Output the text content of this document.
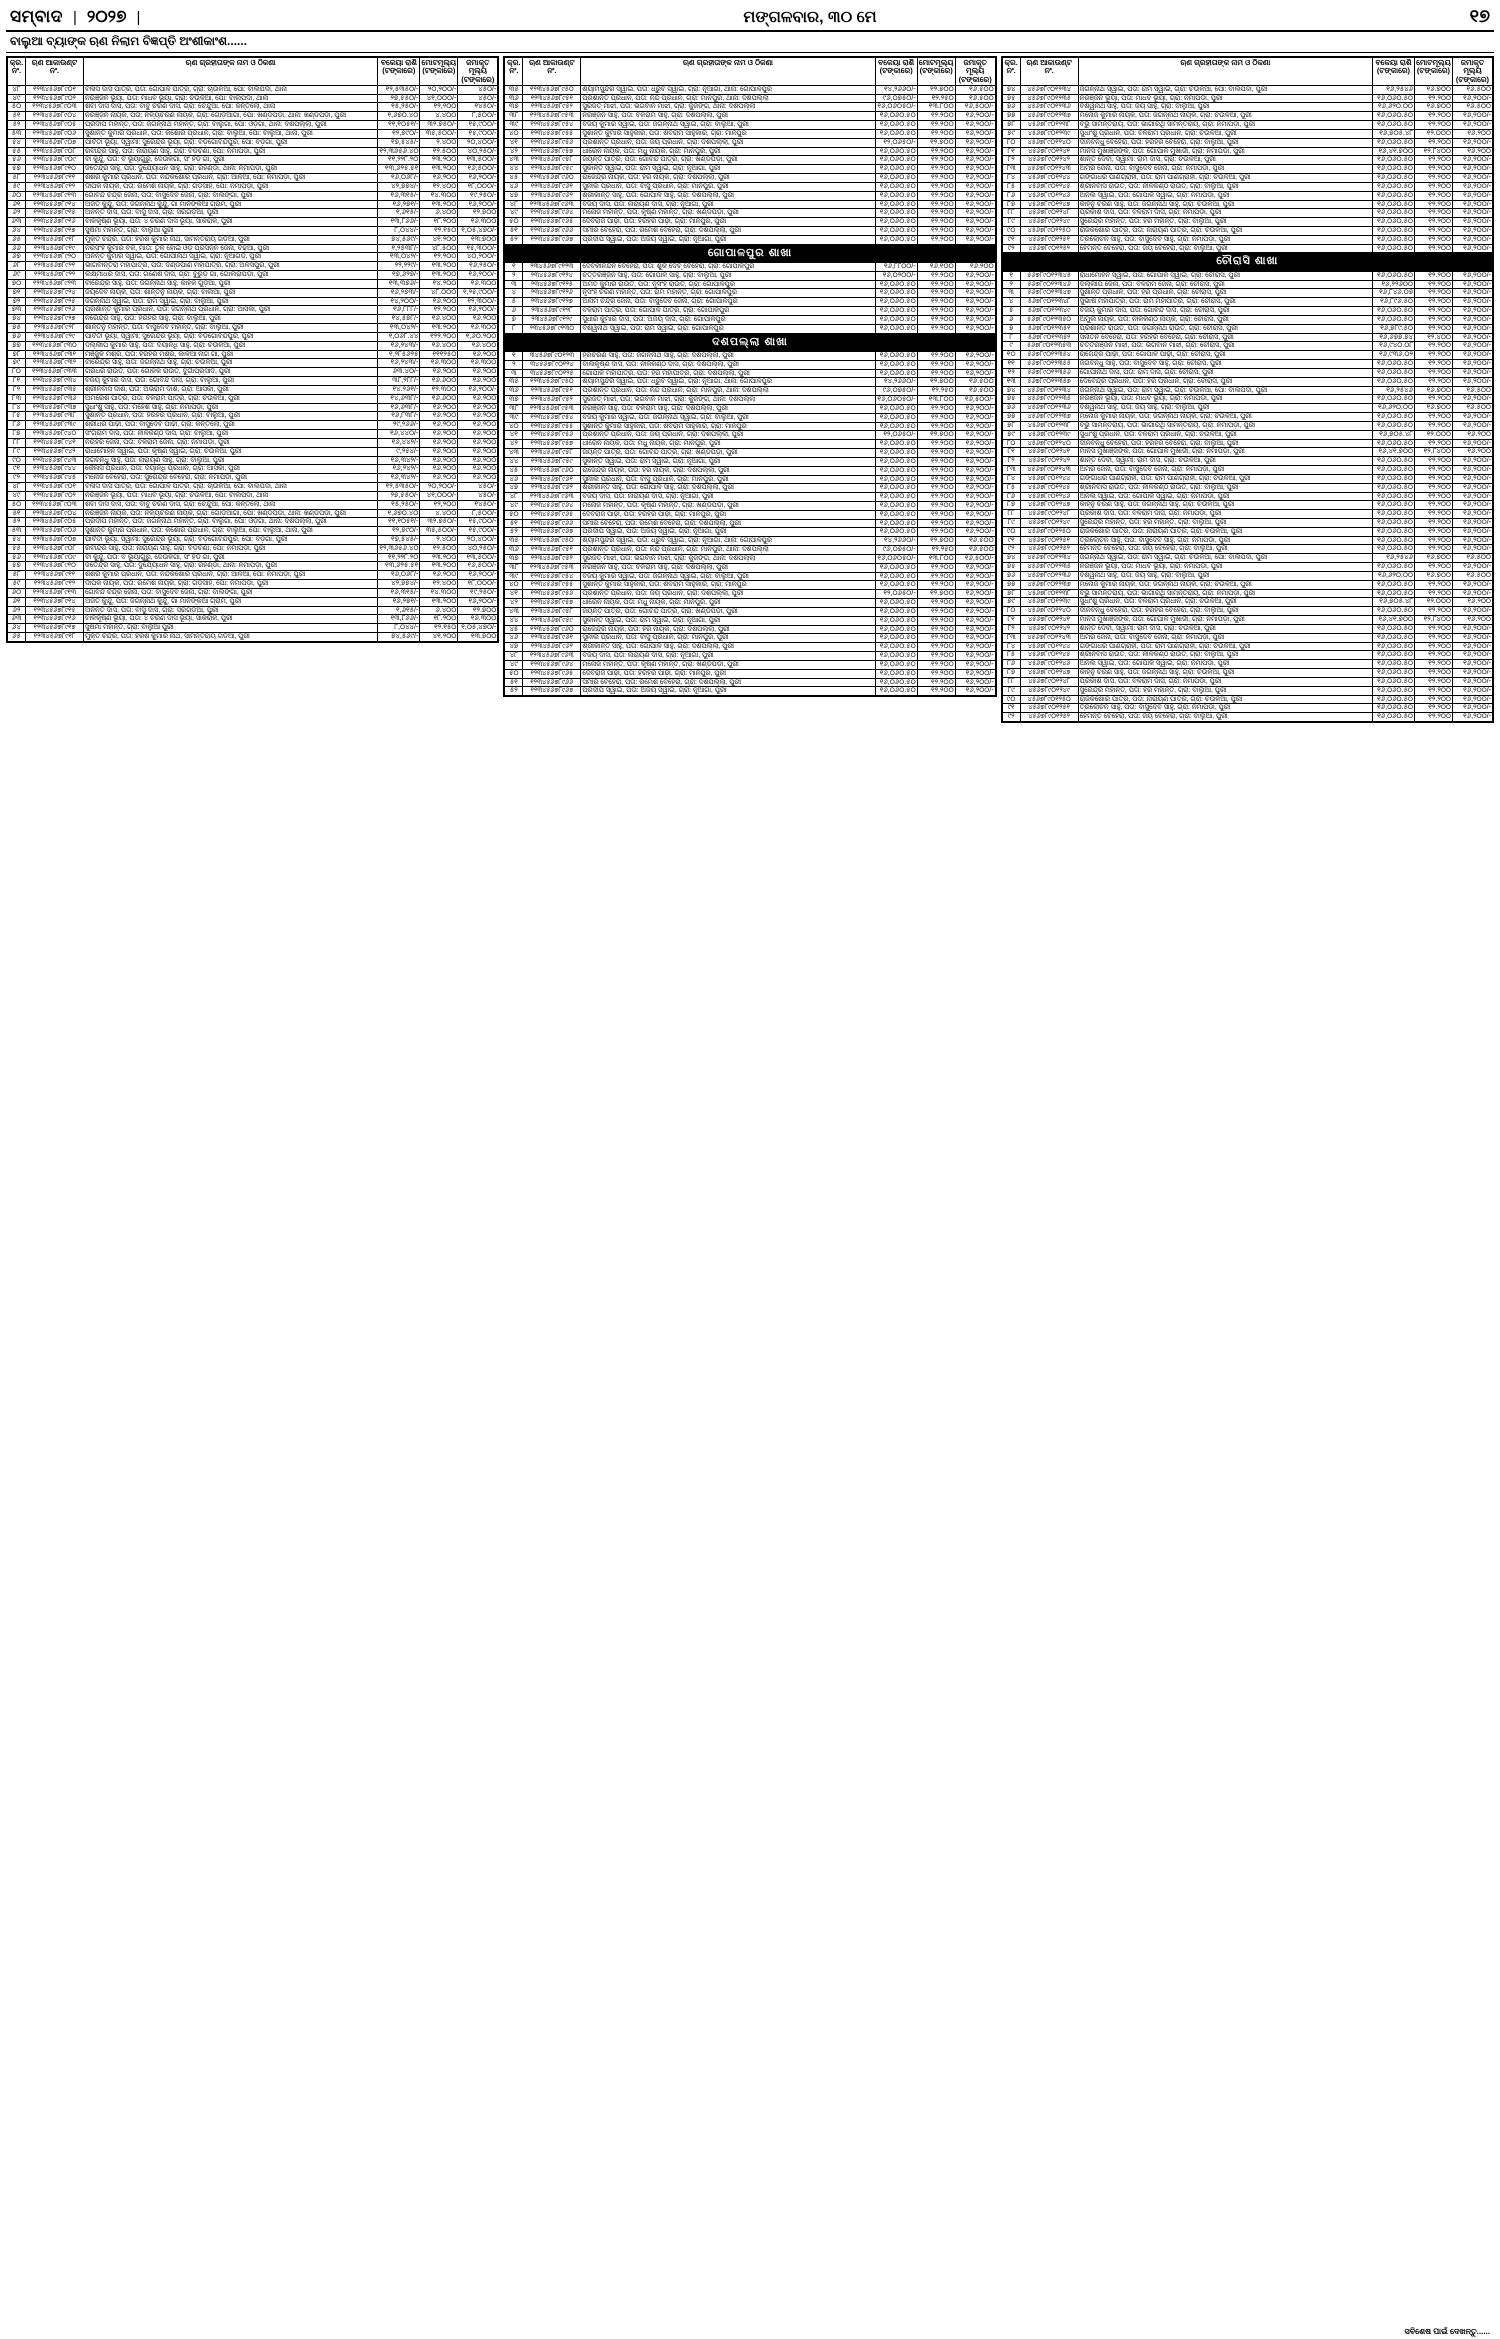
ସମ୍ବାଦ | ୨୦୨୭ |	ମଙ୍ଗଳବାର, ୩୦ ମେ	୧୭
ବାଲୁଆ ବ୍ୟାଙ୍କ ଋଣ ନିଲାମ ବିଜ୍ଞପ୍ତି ଅଂଶୀକାଂଶ......
କ୍ର. ନଂ.	ଋଣ ଆକାଉଣ୍ଟ ନଂ.	ଋଣ ଗ୍ରହୀତାଙ୍କ ନାମ ଓ ଠିକଣା	ବକେୟା ରାଶି (ଟଙ୍କାରେ)	ମୋଟମୂଲ୍ୟ (ଟଙ୍କାରେ)	ଜମାକୃତ ମୂଲ୍ୟ (ଟଙ୍କାରେ)
୪୮	୧୨୩୪୫୬୭୮୯୦୧	ବିଳାସ ଦାସ ପାତ୍ର, ପିତା: ଗୋପାଳ ପାତ୍ର, ଗ୍ରା: ଚାଉଳିଆ, ପୋ: ବାଲିପଦା, ଥାନା	୧୨,୫୩୫୦/-	୨୦,୨୦୦/-	୪୫୦/-
୪୯	୧୨୩୪୫୬୭୮୯୦୨	ନିରଞ୍ଜନ ଭୂୟାଁ, ପିତା: ମାଧବ ଭୂୟାଁ, ଗ୍ରା: ଚଉଳିଆ, ପୋ: ବାଲିପଦା, ଥାନା	୨୭,୫୫୦/-	୪୧,୦୦୦/-	୪୫୦/-
୫୦	୧୨୩୪୫୬୭୮୯୦୩	ଶିବାଁ ଦାସ ଦାସ, ପିତା: ବାବୁ ଚରଣ ଦାସ, ଗ୍ରା: ଚେନ୍ଦୁଆ, ପୋ: କନ୍ତିଲୋ, ଥାନା	୧୫,୨୫୦/-	୧୨,୨୦୦	୧୪୫୦/-
୫୧	୧୨୩୪୫୬୭୮୯୦୪	ନିରଞ୍ଜନ ନାୟକ, ପିତା: ନିଳ୍ୟଚରଣ ନାୟକ, ଗ୍ରା: ଗୋଡ଼ିଆଗାଁ, ପୋ: ଖଣ୍ଡପଡ଼ା, ଥାନା: ଖଣ୍ଡପଡ଼ା, ପୁରୀ	୧,୬୭୦.୪୦	୪.୪୦୦	୮,୫୦୦/-
୫୨	୧୨୩୪୫୬୭୮୯୦୫	ପ୍ରଦୀପ ମହାନ୍ତି, ପିତା: ଜଗନ୍ନାଥ ମହାନ୍ତି, ଗ୍ରା: ବାଲୁଗାଁ, ପୋ: ଓଡ଼ଗାଁ, ଥାନା: ଦଶପଲ୍ଲା, ପୁରୀ	୧୧,୧୦୫୧/-	୩୨.୭୫୦/-	୧୫,୯୦୦/-
୫୩	୧୨୩୪୫୬୭୮୯୦୬	ସୁଶାନ୍ତ କୁମାର ପ୍ରଧାନ, ପିତା: କିଶୋର ପ୍ରଧାନ, ଗ୍ରା: ବାଲୁଆ, ପୋ: ବାଲୁଆ, ଥାନା, ପୁରୀ	୧୨,୭୯୦/-	୩୫,୫୦୦/-	୧୫,୯୦୦/-
୫୪	୧୨୩୪୫୬୭୮୯୦୭	ପାର୍ବତୀ ଭୂୟାଁ, ସ୍ୱାମୀ: ସୁରେନ୍ଦ୍ର ଭୂୟାଁ, ଗ୍ରା: ବଡ଼ଗୋବିନ୍ଦପୁର, ପୋ: ବଡ଼ଗାଁ, ପୁରୀ	୧୭,୫୪୫/-	୨.୪୦୦	୨୦,୪୦୦/-
୫୫	୧୨୩୪୫୬୭୮୯୦୮	ରବୀନ୍ଦ୍ର ସାହୁ, ପିତା: ନାରାୟଣ ସାହୁ, ଗ୍ରା: ବଡ଼ଚଣା, ପୋ: ନିମାପଡ଼ା, ପୁରୀ	୧୨,୩୬୫୬.୪୦	୧୨.୫୦୦	୪୦,୨୫୦/-
୫୬	୧୨୩୪୫୬୭୮୯୦୯	ବୀ କୁନ୍ଦୁ, ପିତା: ବ ଭୂୟାଁଗୁରୁ, ଦେଉଳଗାଁ, ସିଂ ହିଡ଼ ଗାଁ, ପୁରୀ	୧୧,୨୨୮.୨୦	୨୩.୨୦୦	୧୩,୫୦୦/-
୫୭	୧୨୩୪୫୬୭୮୯୧୦	ଜିତେନ୍ଦ୍ର ସାହୁ, ପିତା: ଦୁର୍ଯ୍ୟୋଧନ ସାହୁ, ଗ୍ରା: ରହଣ୍ଡା, ଥାନା: ନିମାପଡ଼ା, ପୁରୀ	୧୩,୬୨୫.୫୧	୧୩.୨୦୦	୧୬,୫୦୦/-
୫୮	୧୨୩୪୫୬୭୮୯୧୧	ଶିଶିର କୁମାର ପ୍ରଧାନ, ପିତା: ନନ୍ଦକିଶୋର ପ୍ରଧାନ, ଗ୍ରା: ଆଳିଆ, ପୋ: ନିମାପଡ଼ା, ପୁରୀ	୧୬,୦୬୮/-	୧୬.୨୦୦	୧୬,୨୦୦/-
୫୯	୧୨୩୪୫୬୭୮୯୧୨	ଦୀପକ ନାୟକ, ପିତା: ରମେଶ ନାୟକ, ଗ୍ରା: ଗଡ଼ସାହି, ପୋ: ନିମାପଡ଼ା, ପୁରୀ	୪୨,୭୭୪/-	୧୨.୪୦୦	୧୮,୦୦୦/-
୬୦	୧୨୩୪୫୬୭୮୯୧୩	ଗୋବିନ୍ଦ ଚନ୍ଦ୍ର ଜେନା, ପିତା: ବାସୁଦେବ ଜେନା, ଗ୍ରା: ବାଲଙ୍ଗା, ପୁରୀ	୧୬,୩୧୫/-	୧୪.୩୦୦	୧୯,୨୫୦/-
୬୧	୧୨୩୪୫୬୭୮୯୧୪	ଅଜିତ କୁନ୍ଦୁ, ପିତା: ଜଗନ୍ନାଥ କୁନ୍ଦୁ, ଗାଁ ମାନଙ୍କିଆ ଗ୍ରାମ, ପୁରୀ	୧୬,୨୭୧/-	୧୩.୨୦୦	୧୬,୨୦୦/-
୬୨	୧୨୩୪୫୬୭୮୯୧୫	ଅନନ୍ତ ଦାସ, ପିତା: ବାସୁ ଦାସ, ଗ୍ରା: ସରଗଡ଼ିଆ, ପୁରୀ	୧,୬୧୫/-	୬.୪୦୦	୧୨.୭୦୦
୬୩	୧୨୩୪୫୬୭୮୯୧୬	ବାଳକୃଷ୍ଣ ଭୂୟାଁ, ପିତା: ୪ ଚରଣ ଦାସ ଭୂୟାଁ, ସାକରାଳ, ପୁରୀ	୧୩,୮୬୬/-	୧୮.୨୦୦	୧୬.୩୦୦
୬୪	୧୨୩୪୫୬୭୮୯୧୭	ସୁଷମା ମହାନ୍ତି, ଗ୍ରା: ବାଲୁଆ ପୁରୀ	୮,୦୪୪/-	୧୨.୧୫୦	୧,୦୫,୪୭୦/-
୬୫	୧୨୩୪୫୬୭୮୯୧୮	ମୁକ୍ତ ଚନ୍ଦ୍ର, ପିତା: ହରିଶ କୁମାର ନାଥ, ସାମନ୍ତରାୟ ଗଡ଼ିଆ, ପୁରୀ	୭୪,୫୬୯/-	୪୧.୨୦୦	୧୩.୭୦୦
୬୬	୧୨୩୪୫୬୭୮୯୧୯	ନରସିଂହ କୁମାର ବଳ, ମାତା: ତୁଳ ହୋଇ ଓଡ଼ ପ୍ରସନ୍ନ ଜେନା, ବଢ଼ିଆ, ପୁରୀ	୧,୨୫୩୮/-	୪୮.୫୦୦	୧୫,୩୦୦/-
୬୭	୧୨୩୪୫୬୭୮୯୨୦	ଅନନ୍ତ କୁମାର ସ୍ୱାଇଁ, ପିତା: ଗୋପୀନାଥ ସ୍ୱାଇଁ, ଗ୍ରା: ନୂଆଗଡ଼, ପୁରୀ	୧୩,୦୪୨/-	୧୨.୨୦୦	୪୦,୨୦୦/-
୬୮	୧୨୩୪୫୬୭୮୯୨୧	ଭାଗବାନ୍ତରା ମହାପାତ୍ର, ପିତା: ଦଣ୍ଡପାଣି ମହାପାତ୍ର, ଗ୍ରା: ଅଳସପୁର, ପୁରୀ	୨୨,୨୨୯/-	୧୩.୨୦୦	୧୬,୨୫୦/-
୬୯	୧୨୩୪୫୬୭୮୯୨୨	ଲକ୍ଷ୍ମୀଧର ଦାସ, ପିତା: ଗଣେଶ ଦାସ, ଗ୍ରା: ବୁରୁଡ଼ି ଗାଁ, ଗୋଲରାପଡ଼ା, ପୁରୀ	୧୭,୬୨୭/-	୧୩.୨୦୦	୧୬,୨୦୦/-
୭୦	୧୨୩୪୫୬୭୮୯୨୩	ବୀରେନ୍ଦ୍ର ସାହୁ, ପିତା: ଜଗନ୍ନାଥ ସାହୁ, କାହିଁକି ଗୁଡ଼ିଆଁ, ପୁରୀ	୧୩,୩୭୬/-	୧୪.୨୦୦	୧୬.୩୦୦
୭୧	୧୨୩୪୫୬୭୮୯୨୪	ଜୟଦେବ ନାୟକ, ପିତା: ଶାନ୍ତନୁ ନାୟକ, ଗ୍ରା: ବାଲିଆ, ପୁରୀ	୧୬,୨୭୩/-	୪୮.୦୦୦	୧,୨୫,୯୦୦/-
୭୨	୧୨୩୪୫୬୭୮୯୨୫	ଜଗନ୍ନାଥ ସ୍ୱାଇଁ, ପିତା: ରାମ ସ୍ୱାଇଁ, ଗ୍ରା: ବାଲୁଆ, ପୁରୀ	୧୪,୨୦୦/-	୧୬.୨୦୦	୧୨,୩୦୦/-
୭୩	୧୨୩୪୫୬୭୮୯୨୬	ପ୍ରଶାନ୍ତ କୁମାର ପ୍ରଧାନ, ପିତା: ଜଗନ୍ନାଥ ପ୍ରଧାନ, ଗ୍ରା: ଆସିକା, ପୁରୀ	୧୬,୮୮୮/-	୧୨.୨୦୦	୧୬,୨୦୦/-
୭୪	୧୨୩୪୫୬୭୮୯୨୭	ନରେନ୍ଦ୍ର ସାହୁ, ପିତା: ହରିହର ସାହୁ, ଗ୍ରା: ବାଲୁଆ, ପୁରୀ	୧୪,୫୭୮/-	୧୬.୪୦୦	୧୬.୨୦୦
୭୫	୧୨୩୪୫୬୭୮୯୨୮	ଶାନ୍ତନୁ ମହାନ୍ତି, ପିତା: ବାସୁଦେବ ମହାନ୍ତି, ଗ୍ରା: ବାଲୁଆ, ପୁରୀ	୧୩,୦୪୨/-	୧୩.୨୦୦	୧୬.୩୦୦
୭୬	୧୨୩୪୫୬୭୮୯୨୯	ପାର୍ବତୀ ଭୂୟାଁ, ସ୍ୱାମୀ: ସୁରେନ୍ଦ୍ର ଭୂୟାଁ, ଗ୍ରା: ବଡ଼ଗୋବିନ୍ଦପୁର, ପୁରୀ	୧,୦୬୮.୪୪	୧୨୨.୨୦୦	୧,୬୦.୨୦୦
୭୭	୧୨୩୪୫୬୭୮୯୩୦	ଦିଲ୍ଲୀପ କୁମାର ସାହୁ, ପିତା: ଦୟାନିଧି ସାହୁ, ଗ୍ରା: ଚଉଳିଆ, ପୁରୀ	୧୬,୨୪୩/-	୧୬.୪୦୦	୧୬.୪୦୦
୭୮	୧୨୩୪୫୬୭୮୯୩୧	ମଞ୍ଜୁଳ ମିଶ୍ର, ପିତା: ହରିହର ମିଶ୍ର, କାଳିଆ ନାଗ ଗାଁ, ପୁରୀ	୧,୨୮୫୬୨୫	୧୧୧୨୫୦	୧୬.୨୦୦
୭୯	୧୨୩୪୫୬୭୮୯୩୨	ବୀରେନ୍ଦ୍ର ସାହୁ, ପିତା: ଜଗନ୍ନାଥ ସାହୁ, ଗ୍ରା: ଚଉଳିଆ, ପୁରୀ	୧୬,୨୪୩/-	୧୬.୩୦୦	୧୬.୩୦୦
୮୦	୧୨୩୪୫୬୭୮୯୩୩	ଗିରିଧର ରାଉତ, ପିତା: ଗୋଳକ ରାଉତ, ଦୁର୍ଗାପ୍ରସାଦ, ପୁରୀ	୬୩.୪୦/-	୧୬.୨୦୦	୧୬.୨୦୦
୮୧	୧୨୩୪୫୬୭୮୯୩୪	ବିଜୟ କୁମାର ଦାସ, ପିତା: ଗୋବିନ୍ଦ ଦାସ, ଗ୍ରା: ବାଲୁଆ, ପୁରୀ	୩୮,୨୮୮/-	୧୬.୬୦୦	୧୬.୨୦୦
୮୨	୧୨୩୪୫୬୭୮୯୩୫	ଶ୍ରୀନିବାସ ଦାଶ, ପିତା: ଅଭିରାମ ଦାଶ, ଗ୍ରା: ଆସିକା, ପୁରୀ	୧୪.୨୬୧/-	୧୨.୩୦୦	୧୬,୨୦୦/-
୮୩	୧୨୩୪୫୬୭୮୯୩୬	ଅମରେଶ ପାତ୍ର, ପିତା: ବଳରାମ ପାତ୍ର, ଗ୍ରା: ଚଉଳିଆ, ପୁରୀ	୧୪,୬୩୮/-	୧୬.୬୦୦	୧୬.୨୦୦
୮୪	୧୨୩୪୫୬୭୮୯୩୭	ସୁଧାଂଶୁ ସାହୁ, ପିତା: ମହେଶ ସାହୁ, ଗ୍ରା: ନିମାପଡ଼ା, ପୁରୀ	୧୬,୬୩୮/-	୧୬.୨୦୦	୧୬.୨୦୦
୮୫	୧୨୩୪୫୬୭୮୯୩୮	ସୁଶାନ୍ତ ପ୍ରଧାନ, ପିତା: ହରିହର ପ୍ରଧାନ, ଗ୍ରା: ବାଲୁଆ, ପୁରୀ	୧୬,୮୩୮/-	୧୬.୨୦୦	୧୬.୨୦୦
୮୬	୧୨୩୪୫୬୭୮୯୩୯	ଶ୍ରୀଧର ପାଢ଼ୀ, ପିତା: ବାସୁଦେବ ପାଢ଼ୀ, ଗ୍ରା: କନ୍ତିଲୋ, ପୁରୀ	୨୯,୨୬୬/-	୧୬.୨୦୦	୧୬.୨୦୦
୮୭	୧୨୩୪୫୬୭୮୯୪୦	ସଂଗ୍ରାମ ଦାସ, ପିତା: ନୀଳକଣ୍ଠ ଦାସ, ଗ୍ରା: ବାଲୁଆ, ପୁରୀ	୧୬,୪୪୦/-	୧୬.୨୦୦	୧୬.୨୦୦
୮୮	୧୨୩୪୫୬୭୮୯୪୧	ନରହରି ଜେନା, ପିତା: ବଳରାମ ଜେନା, ଗ୍ରା: ନିମାପଡ଼ା, ପୁରୀ	୧୬,୪୪୨/-	୧୬.୨୦୦	୧୬.୨୦୦
୮୯	୧୨୩୪୫୬୭୮୯୪୨	ରାଧାମୋହନ ସ୍ୱାଇଁ, ପିତା: କୃଷ୍ଣ ସ୍ୱାଇଁ, ଗ୍ରା: ଚଉଳିଆ, ପୁରୀ	୯,୨୫୪/-	୧୬.୨୦୦	୧୬.୨୦୦
୯୦	୧୨୩୪୫୬୭୮୯୪୩	ଜଗବନ୍ଧୁ ସାହୁ, ପିତା: ନାରାୟଣ ସାହୁ, ଗ୍ରା: ବାଲୁଆ, ପୁରୀ	୧୬,୩୪୨/-	୧୬.୨୦୦	୧୬.୨୦୦
୯୧	୧୨୩୪୫୬୭୮୯୪୪	କୈଳାସ ପ୍ରଧାନ, ପିତା: ଦୟାନିଧି ପ୍ରଧାନ, ଗ୍ରା: ଆସିକା, ପୁରୀ	୧୬,୨୪୨/-	୧୬.୨୦୦	୧୬.୨୦୦
୯୨	୧୨୩୪୫୬୭୮୯୪୫	ମନୋଜ ବେହେରା, ପିତା: ସୁରେନ୍ଦ୍ର ବେହେରା, ଗ୍ରା: ନିମାପଡ଼ା, ପୁରୀ	୧୬,୩୪୨/-	୧୬.୨୦୦	୧୬.୨୦୦
୪୮	୧୨୩୪୫୬୭୮୯୦୧	ବିଳାସ ଦାସ ପାତ୍ର, ପିତା: ଗୋପାଳ ପାତ୍ର, ଗ୍ରା: ଚାଉଳିଆ, ପୋ: ବାଲିପଦା, ଥାନା	୧୨,୫୩୫୦/-	୨୦,୨୦୦/-	୪୫୦/-
୪୯	୧୨୩୪୫୬୭୮୯୦୨	ନିରଞ୍ଜନ ଭୂୟାଁ, ପିତା: ମାଧବ ଭୂୟାଁ, ଗ୍ରା: ଚଉଳିଆ, ପୋ: ବାଲିପଦା, ଥାନା	୨୭,୫୫୦/-	୪୧,୦୦୦/-	୪୫୦/-
୫୦	୧୨୩୪୫୬୭୮୯୦୩	ଶିବାଁ ଦାସ ଦାସ, ପିତା: ବାବୁ ଚରଣ ଦାସ, ଗ୍ରା: ଚେନ୍ଦୁଆ, ପୋ: କନ୍ତିଲୋ, ଥାନା	୧୫,୨୫୦/-	୧୨,୨୦୦	୧୪୫୦/-
୫୧	୧୨୩୪୫୬୭୮୯୦୪	ନିରଞ୍ଜନ ନାୟକ, ପିତା: ନିଳ୍ୟଚରଣ ନାୟକ, ଗ୍ରା: ଗୋଡ଼ିଆଗାଁ, ପୋ: ଖଣ୍ଡପଡ଼ା, ଥାନା: ଖଣ୍ଡପଡ଼ା, ପୁରୀ	୧,୬୭୦.୪୦	୪.୪୦୦	୮,୫୦୦/-
୫୨	୧୨୩୪୫୬୭୮୯୦୫	ପ୍ରଦୀପ ମହାନ୍ତି, ପିତା: ଜଗନ୍ନାଥ ମହାନ୍ତି, ଗ୍ରା: ବାଲୁଗାଁ, ପୋ: ଓଡ଼ଗାଁ, ଥାନା: ଦଶପଲ୍ଲା, ପୁରୀ	୧୧,୧୦୫୧/-	୩୨.୭୫୦/-	୧୫,୯୦୦/-
୫୩	୧୨୩୪୫୬୭୮୯୦୬	ସୁଶାନ୍ତ କୁମାର ପ୍ରଧାନ, ପିତା: କିଶୋର ପ୍ରଧାନ, ଗ୍ରା: ବାଲୁଆ, ପୋ: ବାଲୁଆ, ଥାନା, ପୁରୀ	୧୨,୭୯୦/-	୩୫,୫୦୦/-	୧୫,୯୦୦/-
୫୪	୧୨୩୪୫୬୭୮୯୦୭	ପାର୍ବତୀ ଭୂୟାଁ, ସ୍ୱାମୀ: ସୁରେନ୍ଦ୍ର ଭୂୟାଁ, ଗ୍ରା: ବଡ଼ଗୋବିନ୍ଦପୁର, ପୋ: ବଡ଼ଗାଁ, ପୁରୀ	୧୭,୫୪୫/-	୨.୪୦୦	୨୦,୪୦୦/-
୫୫	୧୨୩୪୫୬୭୮୯୦୮	ରବୀନ୍ଦ୍ର ସାହୁ, ପିତା: ନାରାୟଣ ସାହୁ, ଗ୍ରା: ବଡ଼ଚଣା, ପୋ: ନିମାପଡ଼ା, ପୁରୀ	୧୨,୩୬୫୬.୪୦	୧୨.୫୦୦	୪୦,୨୫୦/-
୫୬	୧୨୩୪୫୬୭୮୯୦୯	ବୀ କୁନ୍ଦୁ, ପିତା: ବ ଭୂୟାଁଗୁରୁ, ଦେଉଳଗାଁ, ସିଂ ହିଡ଼ ଗାଁ, ପୁରୀ	୧୧,୨୨୮.୨୦	୨୩.୨୦୦	୧୩,୫୦୦/-
୫୭	୧୨୩୪୫୬୭୮୯୧୦	ଜିତେନ୍ଦ୍ର ସାହୁ, ପିତା: ଦୁର୍ଯ୍ୟୋଧନ ସାହୁ, ଗ୍ରା: ରହଣ୍ଡା, ଥାନା: ନିମାପଡ଼ା, ପୁରୀ	୧୩,୬୨୫.୫୧	୧୩.୨୦୦	୧୬,୫୦୦/-
୫୮	୧୨୩୪୫୬୭୮୯୧୧	ଶିଶିର କୁମାର ପ୍ରଧାନ, ପିତା: ନନ୍ଦକିଶୋର ପ୍ରଧାନ, ଗ୍ରା: ଆଳିଆ, ପୋ: ନିମାପଡ଼ା, ପୁରୀ	୧୬,୦୬୮/-	୧୬.୨୦୦	୧୬,୨୦୦/-
୫୯	୧୨୩୪୫୬୭୮୯୧୨	ଦୀପକ ନାୟକ, ପିତା: ରମେଶ ନାୟକ, ଗ୍ରା: ଗଡ଼ସାହି, ପୋ: ନିମାପଡ଼ା, ପୁରୀ	୪୨,୭୭୪/-	୧୨.୪୦୦	୧୮,୦୦୦/-
୬୦	୧୨୩୪୫୬୭୮୯୧୩	ଗୋବିନ୍ଦ ଚନ୍ଦ୍ର ଜେନା, ପିତା: ବାସୁଦେବ ଜେନା, ଗ୍ରା: ବାଲଙ୍ଗା, ପୁରୀ	୧୬,୩୧୫/-	୧୪.୩୦୦	୧୯,୨୫୦/-
୬୧	୧୨୩୪୫୬୭୮୯୧୪	ଅଜିତ କୁନ୍ଦୁ, ପିତା: ଜଗନ୍ନାଥ କୁନ୍ଦୁ, ଗାଁ ମାନଙ୍କିଆ ଗ୍ରାମ, ପୁରୀ	୧୬,୨୭୧/-	୧୩.୨୦୦	୧୬,୨୦୦/-
୬୨	୧୨୩୪୫୬୭୮୯୧୫	ଅନନ୍ତ ଦାସ, ପିତା: ବାସୁ ଦାସ, ଗ୍ରା: ସରଗଡ଼ିଆ, ପୁରୀ	୧,୬୧୫/-	୬.୪୦୦	୧୨.୭୦୦
୬୩	୧୨୩୪୫୬୭୮୯୧୬	ବାଳକୃଷ୍ଣ ଭୂୟାଁ, ପିତା: ୪ ଚରଣ ଦାସ ଭୂୟାଁ, ସାକରାଳ, ପୁରୀ	୧୩,୮୬୬/-	୧୮.୨୦୦	୧୬.୩୦୦
୬୪	୧୨୩୪୫୬୭୮୯୧୭	ସୁଷମା ମହାନ୍ତି, ଗ୍ରା: ବାଲୁଆ ପୁରୀ	୮,୦୪୪/-	୧୨.୧୫୦	୧,୦୫,୪୭୦/-
୬୫	୧୨୩୪୫୬୭୮୯୧୮	ମୁକ୍ତ ଚନ୍ଦ୍ର, ପିତା: ହରିଶ କୁମାର ନାଥ, ସାମନ୍ତରାୟ ଗଡ଼ିଆ, ପୁରୀ	୭୪,୫୬୯/-	୪୧.୨୦୦	୧୩.୭୦୦
କ୍ର. ନଂ.	ଋଣ ଆକାଉଣ୍ଟ ନଂ.	ଋଣ ଗ୍ରହୀତାଙ୍କ ନାମ ଓ ଠିକଣା	ବକେୟା ରାଶି (ଟଙ୍କାରେ)	ମୋଟମୂଲ୍ୟ (ଟଙ୍କାରେ)	ଜମାକୃତ ମୂଲ୍ୟ (ଟଙ୍କାରେ)
୩୫	୧୨୩୪୫୬୭୮୯୫୦	ଶ୍ୟାମସୁନ୍ଦର ସ୍ୱାଇଁ, ପିତା: ଧ୍ରୁବ ସ୍ୱାଇଁ, ଗ୍ରା: ନୂଆଗାଁ, ଥାନା: ଗୋପାଳପୁର	୧୪,୨୬୬୦/-	୧୨.୭୦୦	୧୬.୫୦୦
୩୬	୧୨୩୪୫୬୭୮୯୫୧	ପ୍ରଶାନ୍ତ ପ୍ରଧାନ, ପିତା: ନନ୍ଦ ପ୍ରଧାନ, ଗ୍ରା: ମାନପୁର, ଥାନା: ଦଶପଲ୍ଲା	୯୬,୦୭୫୦/-	୧୨.୨୫୦	୧୬.୫୦୦
୩୭	୧୨୩୪୫୬୭୮୯୫୨	ସୁରଜିତ୍ ମାଝୀ, ପିତା: ଭଗବାନ ମାଝୀ, ଗ୍ରା: କୁଜଙ୍ଗ, ଥାନା: ଦଶପଲ୍ଲା	୧୬,୦୬୦୫୦/-	୧୩.୮୦୦	୧୬,୫୦୦/-
୩୮	୧୨୩୪୫୬୭୮୯୫୩	ନିରଞ୍ଜନ ସାହୁ, ପିତା: ବଳରାମ ସାହୁ, ଗ୍ରା: ଦଶପଲ୍ଲା, ପୁରୀ	୧୬,୦୬୦.୫୦	୧୨.୨୦୦	୧୬,୨୦୦/-
୩୯	୧୨୩୪୫୬୭୮୯୫୪	ବିଜୟ କୁମାର ସ୍ୱାଇଁ, ପିତା: ଜଗନ୍ନାଥ ସ୍ୱାଇଁ, ଗ୍ରା: ବାଲୁଆ, ପୁରୀ	୧୬,୦୬୦.୫୦	୧୨.୨୦୦	୧୬,୨୦୦/-
୪୦	୧୨୩୪୫୬୭୮୯୫୫	ସୁଶାନ୍ତ କୁମାର ସାହୁକାର, ପିତା: ଶିବରାମ ସାହୁକାର, ଗ୍ରା: ମାନପୁର	୧୬,୦୬୦.୫୦	୧୨.୨୦୦	୧୬,୨୦୦/-
୪୧	୧୨୩୪୫୬୭୮୯୫୬	ପ୍ରଶାନ୍ତ ପ୍ରଧାନ, ପିତା: ଜୟ ପ୍ରଧାନ, ଗ୍ରା: ଦଶପଲ୍ଲା, ପୁରୀ	୧୨,୦୬୫୦/-	୧୨.୭୦୦	୧୬,୨୦୦/-
୪୨	୧୨୩୪୫୬୭୮୯୫୭	ଧୀରେନ ନାୟକ, ପିତା: ମଧୁ ନାୟକ, ଗ୍ରା: ମାନପୁର, ପୁରୀ	୧୬,୦୬୦.୫୦	୧୨.୨୦୦	୧୬,୨୦୦/-
୪୩	୧୨୩୪୫୬୭୮୯୫୮	ଜୟନ୍ତ ପାତ୍ର, ପିତା: ଗୋବିନ୍ଦ ପାତ୍ର, ଗ୍ରା: ଖଣ୍ଡପଡ଼ା, ପୁରୀ	୧୬,୦୬୦.୫୦	୧୨.୨୦୦	୧୬,୨୦୦/-
୪୪	୧୨୩୪୫୬୭୮୯୫୯	ସୁକାନ୍ତ ସ୍ୱାଇଁ, ପିତା: ରାମ ସ୍ୱାଇଁ, ଗ୍ରା: ନୂଆଗାଁ, ପୁରୀ	୧୬,୦୬୦.୫୦	୧୨.୨୦୦	୧୬,୨୦୦/-
୪୫	୧୨୩୪୫୬୭୮୯୬୦	ରାଜେନ୍ଦ୍ର ନାୟକ, ପିତା: ହରି ନାୟକ, ଗ୍ରା: ଦଶପଲ୍ଲା, ପୁରୀ	୧୬,୦୬୦.୫୦	୧୨.୨୦୦	୧୬,୨୦୦/-
୪୬	୧୨୩୪୫୬୭୮୯୬୧	ସୁନୀଲ ପ୍ରଧାନ, ପିତା: ବାସୁ ପ୍ରଧାନ, ଗ୍ରା: ମାନପୁର, ପୁରୀ	୧୬,୦୬୦.୫୦	୧୨.୨୦୦	୧୬,୨୦୦/-
୪୭	୧୨୩୪୫୬୭୮୯୬୨	ଶ୍ରୀକାନ୍ତ ସାହୁ, ପିତା: ଗୋପାଳ ସାହୁ, ଗ୍ରା: ଦଶପଲ୍ଲା, ପୁରୀ	୧୬,୦୬୦.୫୦	୧୨.୨୦୦	୧୬,୨୦୦/-
୪୮	୧୨୩୪୫୬୭୮୯୬୩	ବିଜୟ ଦାସ, ପିତା: ନାରାୟଣ ଦାସ, ଗ୍ରା: ନୂଆଗାଁ, ପୁରୀ	୧୬,୦୬୦.୫୦	୧୨.୨୦୦	୧୬,୨୦୦/-
୪୯	୧୨୩୪୫୬୭୮୯୬୪	ମନୋଜ ମହାନ୍ତି, ପିତା: କୃଷ୍ଣ ମହାନ୍ତି, ଗ୍ରା: ଖଣ୍ଡପଡ଼ା, ପୁରୀ	୧୬,୦୬୦.୫୦	୧୨.୨୦୦	୧୬,୨୦୦/-
୫୦	୧୨୩୪୫୬୭୮୯୬୫	ଦେବରାଜ ପାଢ଼ୀ, ପିତା: ହରିହର ପାଢ଼ୀ, ଗ୍ରା: ମାନପୁର, ପୁରୀ	୧୬,୦୬୦.୫୦	୧୨.୨୦୦	୧୬,୨୦୦/-
୫୧	୧୨୩୪୫୬୭୮୯୬୬	ସମୀର ବେହେରା, ପିତା: ରମେଶ ବେହେରା, ଗ୍ରା: ଦଶପଲ୍ଲା, ପୁରୀ	୧୬,୦୬୦.୫୦	୧୨.୨୦୦	୧୬,୨୦୦/-
୫୨	୧୨୩୪୫୬୭୮୯୬୭	ପ୍ରଦୀପ ସ୍ୱାଇଁ, ପିତା: ଅଜୟ ସ୍ୱାଇଁ, ଗ୍ରା: ନୂଆଗାଁ, ପୁରୀ	୧୬,୦୬୦.୫୦	୧୨.୨୦୦	୧୬,୨୦୦/-
ଗୋପାଳପୁର ଶାଖା					
୧	୨୩୪୫୬୭୮୯୧୨୩	ଦେବକୀନନ୍ଦନ ବେହେରା, ପିତା: ଶୁକ ଦେବ୍ ବେହେରା, ଗ୍ରା: ଗୋପାଳପୁର	୧୬,୮୮୦୦/-	୧୬.୧୦୦	୧୬.୨୦୦
୨	୨୩୪୫୬୭୮୯୧୨୪	ଚିତ୍ତରଞ୍ଜନ ସାହୁ, ପିତା: ଗୋପାଳ ସାହୁ, ଗ୍ରା: ବାଲୁଆ, ପୁରୀ	୧୬,୦୨୦୦/-	୧୨.୨୦୦	୧୬,୨୦୦/-
୩	୨୩୪୫୬୭୮୯୧୨୫	ଅମିତ କୁମାର ରାଉତ, ପିତା: ନୃସିଂହ ରାଉତ, ଗ୍ରା: ଗୋପାଳପୁର	୧୬,୦୬୦.୫୦	୧୨.୨୦୦	୧୬,୨୦୦/-
୪	୨୩୪୫୬୭୮୯୧୨୬	ନୃସିଂହ ଚରଣ ମହାନ୍ତି, ପିତା: ରାମ ମହାନ୍ତି, ଗ୍ରା: ଗୋପାଳପୁର	୧୬,୦୬୦.୫୦	୧୨.୨୦୦	୧୬,୨୦୦/-
୫	୨୩୪୫୬୭୮୯୧୨୭	ଅନାମ ଚନ୍ଦ୍ର ଜେନା, ପିତା: ବାସୁଦେବ ଜେନା, ଗ୍ରା: ଗୋପାଳପୁର	୧୬,୦୬୦.୫୦	୧୨.୨୦୦	୧୬,୨୦୦/-
୬	୨୩୪୫୬୭୮୯୧୨୮	ବଳରାମ ପାତ୍ର, ପିତା: ଗୋପାଳ ପାତ୍ର, ଗ୍ରା: ଗୋପାଳପୁର	୧୬,୦୬୦.୫୦	୧୨.୨୦୦	୧୬,୨୦୦/-
୭	୨୩୪୫୬୭୮୯୧୨୯	ସୁଧୀର କୁମାର ଦାସ, ପିତା: ଅଜୟ ଦାସ, ଗ୍ରା: ଗୋପାଳପୁର	୧୬,୦୬୦.୫୦	୧୨.୨୦୦	୧୬,୨୦୦/-
୮	୨୩୪୫୬୭୮୯୧୩୦	ବିଶ୍ୱନାଥ ସ୍ୱାଇଁ, ପିତା: ରାମ ସ୍ୱାଇଁ, ଗ୍ରା: ଗୋପାଳପୁର	୧୬,୦୬୦.୫୦	୧୨.୨୦୦	୧୬,୨୦୦/-
ଦଶପଲ୍ଲା ଶାଖା					
୧	୩୪୫୬୭୮୯୦୧୨୩	ହରିଚରଣ ସାହୁ, ପିତା: ଜଗନ୍ନାଥ ସାହୁ, ଗ୍ରା: ଦଶପଲ୍ଲା, ପୁରୀ	୧୬,୦୬୦.୫୦	୧୨.୨୦୦	୧୬,୨୦୦/-
୨	୩୪୫୬୭୮୯୦୧୨୪	ବାଲକୃଷ୍ଣ ଦାସ, ପିତା: ନୀଳକଣ୍ଠ ଦାସ, ଗ୍ରା: ଦଶପଲ୍ଲା, ପୁରୀ	୧୬,୦୬୦.୫୦	୧୨.୨୦୦	୧୬,୨୦୦/-
୩	୩୪୫୬୭୮୯୦୧୨୫	ଗୋପାଳ ମହାପାତ୍ର, ପିତା: ହରି ମହାପାତ୍ର, ଗ୍ରା: ଦଶପଲ୍ଲା, ପୁରୀ	୧୬,୦୬୦.୫୦	୧୨.୨୦୦	୧୬,୨୦୦/-
୩୫	୧୨୩୪୫୬୭୮୯୫୦	ଶ୍ୟାମସୁନ୍ଦର ସ୍ୱାଇଁ, ପିତା: ଧ୍ରୁବ ସ୍ୱାଇଁ, ଗ୍ରା: ନୂଆଗାଁ, ଥାନା: ଗୋପାଳପୁର	୧୪,୨୬୬୦/-	୧୨.୭୦୦	୧୬.୫୦୦
୩୬	୧୨୩୪୫୬୭୮୯୫୧	ପ୍ରଶାନ୍ତ ପ୍ରଧାନ, ପିତା: ନନ୍ଦ ପ୍ରଧାନ, ଗ୍ରା: ମାନପୁର, ଥାନା: ଦଶପଲ୍ଲା	୯୬,୦୭୫୦/-	୧୨.୨୫୦	୧୬.୫୦୦
୩୭	୧୨୩୪୫୬୭୮୯୫୨	ସୁରଜିତ୍ ମାଝୀ, ପିତା: ଭଗବାନ ମାଝୀ, ଗ୍ରା: କୁଜଙ୍ଗ, ଥାନା: ଦଶପଲ୍ଲା	୧୬,୦୬୦୫୦/-	୧୩.୮୦୦	୧୬,୫୦୦/-
୩୮	୧୨୩୪୫୬୭୮୯୫୩	ନିରଞ୍ଜନ ସାହୁ, ପିତା: ବଳରାମ ସାହୁ, ଗ୍ରା: ଦଶପଲ୍ଲା, ପୁରୀ	୧୬,୦୬୦.୫୦	୧୨.୨୦୦	୧୬,୨୦୦/-
୩୯	୧୨୩୪୫୬୭୮୯୫୪	ବିଜୟ କୁମାର ସ୍ୱାଇଁ, ପିତା: ଜଗନ୍ନାଥ ସ୍ୱାଇଁ, ଗ୍ରା: ବାଲୁଆ, ପୁରୀ	୧୬,୦୬୦.୫୦	୧୨.୨୦୦	୧୬,୨୦୦/-
୪୦	୧୨୩୪୫୬୭୮୯୫୫	ସୁଶାନ୍ତ କୁମାର ସାହୁକାର, ପିତା: ଶିବରାମ ସାହୁକାର, ଗ୍ରା: ମାନପୁର	୧୬,୦୬୦.୫୦	୧୨.୨୦୦	୧୬,୨୦୦/-
୪୧	୧୨୩୪୫୬୭୮୯୫୬	ପ୍ରଶାନ୍ତ ପ୍ରଧାନ, ପିତା: ଜୟ ପ୍ରଧାନ, ଗ୍ରା: ଦଶପଲ୍ଲା, ପୁରୀ	୧୨,୦୬୫୦/-	୧୨.୭୦୦	୧୬,୨୦୦/-
୪୨	୧୨୩୪୫୬୭୮୯୫୭	ଧୀରେନ ନାୟକ, ପିତା: ମଧୁ ନାୟକ, ଗ୍ରା: ମାନପୁର, ପୁରୀ	୧୬,୦୬୦.୫୦	୧୨.୨୦୦	୧୬,୨୦୦/-
୪୩	୧୨୩୪୫୬୭୮୯୫୮	ଜୟନ୍ତ ପାତ୍ର, ପିତା: ଗୋବିନ୍ଦ ପାତ୍ର, ଗ୍ରା: ଖଣ୍ଡପଡ଼ା, ପୁରୀ	୧୬,୦୬୦.୫୦	୧୨.୨୦୦	୧୬,୨୦୦/-
୪୪	୧୨୩୪୫୬୭୮୯୫୯	ସୁକାନ୍ତ ସ୍ୱାଇଁ, ପିତା: ରାମ ସ୍ୱାଇଁ, ଗ୍ରା: ନୂଆଗାଁ, ପୁରୀ	୧୬,୦୬୦.୫୦	୧୨.୨୦୦	୧୬,୨୦୦/-
୪୫	୧୨୩୪୫୬୭୮୯୬୦	ରାଜେନ୍ଦ୍ର ନାୟକ, ପିତା: ହରି ନାୟକ, ଗ୍ରା: ଦଶପଲ୍ଲା, ପୁରୀ	୧୬,୦୬୦.୫୦	୧୨.୨୦୦	୧୬,୨୦୦/-
୪୬	୧୨୩୪୫୬୭୮୯୬୧	ସୁନୀଲ ପ୍ରଧାନ, ପିତା: ବାସୁ ପ୍ରଧାନ, ଗ୍ରା: ମାନପୁର, ପୁରୀ	୧୬,୦୬୦.୫୦	୧୨.୨୦୦	୧୬,୨୦୦/-
୪୭	୧୨୩୪୫୬୭୮୯୬୨	ଶ୍ରୀକାନ୍ତ ସାହୁ, ପିତା: ଗୋପାଳ ସାହୁ, ଗ୍ରା: ଦଶପଲ୍ଲା, ପୁରୀ	୧୬,୦୬୦.୫୦	୧୨.୨୦୦	୧୬,୨୦୦/-
୪୮	୧୨୩୪୫୬୭୮୯୬୩	ବିଜୟ ଦାସ, ପିତା: ନାରାୟଣ ଦାସ, ଗ୍ରା: ନୂଆଗାଁ, ପୁରୀ	୧୬,୦୬୦.୫୦	୧୨.୨୦୦	୧୬,୨୦୦/-
୪୯	୧୨୩୪୫୬୭୮୯୬୪	ମନୋଜ ମହାନ୍ତି, ପିତା: କୃଷ୍ଣ ମହାନ୍ତି, ଗ୍ରା: ଖଣ୍ଡପଡ଼ା, ପୁରୀ	୧୬,୦୬୦.୫୦	୧୨.୨୦୦	୧୬,୨୦୦/-
୫୦	୧୨୩୪୫୬୭୮୯୬୫	ଦେବରାଜ ପାଢ଼ୀ, ପିତା: ହରିହର ପାଢ଼ୀ, ଗ୍ରା: ମାନପୁର, ପୁରୀ	୧୬,୦୬୦.୫୦	୧୨.୨୦୦	୧୬,୨୦୦/-
୫୧	୧୨୩୪୫୬୭୮୯୬୬	ସମୀର ବେହେରା, ପିତା: ରମେଶ ବେହେରା, ଗ୍ରା: ଦଶପଲ୍ଲା, ପୁରୀ	୧୬,୦୬୦.୫୦	୧୨.୨୦୦	୧୬,୨୦୦/-
୫୨	୧୨୩୪୫୬୭୮୯୬୭	ପ୍ରଦୀପ ସ୍ୱାଇଁ, ପିତା: ଅଜୟ ସ୍ୱାଇଁ, ଗ୍ରା: ନୂଆଗାଁ, ପୁରୀ	୧୬,୦୬୦.୫୦	୧୨.୨୦୦	୧୬,୨୦୦/-
୩୫	୧୨୩୪୫୬୭୮୯୫୦	ଶ୍ୟାମସୁନ୍ଦର ସ୍ୱାଇଁ, ପିତା: ଧ୍ରୁବ ସ୍ୱାଇଁ, ଗ୍ରା: ନୂଆଗାଁ, ଥାନା: ଗୋପାଳପୁର	୧୪,୨୬୬୦/-	୧୨.୭୦୦	୧୬.୫୦୦
୩୬	୧୨୩୪୫୬୭୮୯୫୧	ପ୍ରଶାନ୍ତ ପ୍ରଧାନ, ପିତା: ନନ୍ଦ ପ୍ରଧାନ, ଗ୍ରା: ମାନପୁର, ଥାନା: ଦଶପଲ୍ଲା	୯୬,୦୭୫୦/-	୧୨.୨୫୦	୧୬.୫୦୦
୩୭	୧୨୩୪୫୬୭୮୯୫୨	ସୁରଜିତ୍ ମାଝୀ, ପିତା: ଭଗବାନ ମାଝୀ, ଗ୍ରା: କୁଜଙ୍ଗ, ଥାନା: ଦଶପଲ୍ଲା	୧୬,୦୬୦୫୦/-	୧୩.୮୦୦	୧୬,୫୦୦/-
୩୮	୧୨୩୪୫୬୭୮୯୫୩	ନିରଞ୍ଜନ ସାହୁ, ପିତା: ବଳରାମ ସାହୁ, ଗ୍ରା: ଦଶପଲ୍ଲା, ପୁରୀ	୧୬,୦୬୦.୫୦	୧୨.୨୦୦	୧୬,୨୦୦/-
୩୯	୧୨୩୪୫୬୭୮୯୫୪	ବିଜୟ କୁମାର ସ୍ୱାଇଁ, ପିତା: ଜଗନ୍ନାଥ ସ୍ୱାଇଁ, ଗ୍ରା: ବାଲୁଆ, ପୁରୀ	୧୬,୦୬୦.୫୦	୧୨.୨୦୦	୧୬,୨୦୦/-
୪୦	୧୨୩୪୫୬୭୮୯୫୫	ସୁଶାନ୍ତ କୁମାର ସାହୁକାର, ପିତା: ଶିବରାମ ସାହୁକାର, ଗ୍ରା: ମାନପୁର	୧୬,୦୬୦.୫୦	୧୨.୨୦୦	୧୬,୨୦୦/-
୪୧	୧୨୩୪୫୬୭୮୯୫୬	ପ୍ରଶାନ୍ତ ପ୍ରଧାନ, ପିତା: ଜୟ ପ୍ରଧାନ, ଗ୍ରା: ଦଶପଲ୍ଲା, ପୁରୀ	୧୨,୦୬୫୦/-	୧୨.୭୦୦	୧୬,୨୦୦/-
୪୨	୧୨୩୪୫୬୭୮୯୫୭	ଧୀରେନ ନାୟକ, ପିତା: ମଧୁ ନାୟକ, ଗ୍ରା: ମାନପୁର, ପୁରୀ	୧୬,୦୬୦.୫୦	୧୨.୨୦୦	୧୬,୨୦୦/-
୪୩	୧୨୩୪୫୬୭୮୯୫୮	ଜୟନ୍ତ ପାତ୍ର, ପିତା: ଗୋବିନ୍ଦ ପାତ୍ର, ଗ୍ରା: ଖଣ୍ଡପଡ଼ା, ପୁରୀ	୧୬,୦୬୦.୫୦	୧୨.୨୦୦	୧୬,୨୦୦/-
୪୪	୧୨୩୪୫୬୭୮୯୫୯	ସୁକାନ୍ତ ସ୍ୱାଇଁ, ପିତା: ରାମ ସ୍ୱାଇଁ, ଗ୍ରା: ନୂଆଗାଁ, ପୁରୀ	୧୬,୦୬୦.୫୦	୧୨.୨୦୦	୧୬,୨୦୦/-
୪୫	୧୨୩୪୫୬୭୮୯୬୦	ରାଜେନ୍ଦ୍ର ନାୟକ, ପିତା: ହରି ନାୟକ, ଗ୍ରା: ଦଶପଲ୍ଲା, ପୁରୀ	୧୬,୦୬୦.୫୦	୧୨.୨୦୦	୧୬,୨୦୦/-
୪୬	୧୨୩୪୫୬୭୮୯୬୧	ସୁନୀଲ ପ୍ରଧାନ, ପିତା: ବାସୁ ପ୍ରଧାନ, ଗ୍ରା: ମାନପୁର, ପୁରୀ	୧୬,୦୬୦.୫୦	୧୨.୨୦୦	୧୬,୨୦୦/-
୪୭	୧୨୩୪୫୬୭୮୯୬୨	ଶ୍ରୀକାନ୍ତ ସାହୁ, ପିତା: ଗୋପାଳ ସାହୁ, ଗ୍ରା: ଦଶପଲ୍ଲା, ପୁରୀ	୧୬,୦୬୦.୫୦	୧୨.୨୦୦	୧୬,୨୦୦/-
୪୮	୧୨୩୪୫୬୭୮୯୬୩	ବିଜୟ ଦାସ, ପିତା: ନାରାୟଣ ଦାସ, ଗ୍ରା: ନୂଆଗାଁ, ପୁରୀ	୧୬,୦୬୦.୫୦	୧୨.୨୦୦	୧୬,୨୦୦/-
୪୯	୧୨୩୪୫୬୭୮୯୬୪	ମନୋଜ ମହାନ୍ତି, ପିତା: କୃଷ୍ଣ ମହାନ୍ତି, ଗ୍ରା: ଖଣ୍ଡପଡ଼ା, ପୁରୀ	୧୬,୦୬୦.୫୦	୧୨.୨୦୦	୧୬,୨୦୦/-
୫୦	୧୨୩୪୫୬୭୮୯୬୫	ଦେବରାଜ ପାଢ଼ୀ, ପିତା: ହରିହର ପାଢ଼ୀ, ଗ୍ରା: ମାନପୁର, ପୁରୀ	୧୬,୦୬୦.୫୦	୧୨.୨୦୦	୧୬,୨୦୦/-
୫୧	୧୨୩୪୫୬୭୮୯୬୬	ସମୀର ବେହେରା, ପିତା: ରମେଶ ବେହେରା, ଗ୍ରା: ଦଶପଲ୍ଲା, ପୁରୀ	୧୬,୦୬୦.୫୦	୧୨.୨୦୦	୧୬,୨୦୦/-
୫୨	୧୨୩୪୫୬୭୮୯୬୭	ପ୍ରଦୀପ ସ୍ୱାଇଁ, ପିତା: ଅଜୟ ସ୍ୱାଇଁ, ଗ୍ରା: ନୂଆଗାଁ, ପୁରୀ	୧୬,୦୬୦.୫୦	୧୨.୨୦୦	୧୬,୨୦୦/-
କ୍ର. ନଂ.	ଋଣ ଆକାଉଣ୍ଟ ନଂ.	ଋଣ ଗ୍ରହୀତାଙ୍କ ନାମ ଓ ଠିକଣା	ବକେୟା ରାଶି (ଟଙ୍କାରେ)	ମୋଟମୂଲ୍ୟ (ଟଙ୍କାରେ)	ଜମାକୃତ ମୂଲ୍ୟ (ଟଙ୍କାରେ)
୭୪	୪୫୬୭୮୯୦୧୨୩୪	ଜଗନ୍ନାଥ ସ୍ୱାଇଁ, ପିତା: ରାମ ସ୍ୱାଇଁ, ଗ୍ରା: ଚଉଳିଆ, ପୋ: ବାଲିପଦା, ପୁରୀ	୧୬,୨୫୪୬	୧୬.୭୦୦	୧୬.୫୦୦
୭୫	୪୫୬୭୮୯୦୧୨୩୫	ନିରଞ୍ଜନ ଭୂୟାଁ, ପିତା: ମାଧବ ଭୂୟାଁ, ଗ୍ରା: ନିମାପଡ଼ା, ପୁରୀ	୧୬,୦୬୦.୫୦	୧୨.୨୦୦	୧୬,୨୦୦/-
୭୬	୪୫୬୭୮୯୦୧୨୩୬	ବିଶ୍ୱନାଥ ସାହୁ, ପିତା: ଜୟ ସାହୁ, ଗ୍ରା: ବାଲୁଆ, ପୁରୀ	୧୬,୬୨୦.୦୦	୧୬.୭୦୦	୧୬.୫୦୦
୭୭	୪୫୬୭୮୯୦୧୨୩୭	ମନୋଜ କୁମାର ନାୟକ, ପିତା: ଜଗନ୍ନାଥ ନାୟକ, ଗ୍ରା: ଚଉଳିଆ, ପୁରୀ	୧୬,୦୬୦.୫୦	୧୨.୨୦୦	୧୬,୨୦୦/-
୭୮	୪୫୬୭୮୯୦୧୨୩୮	ବିଭୁ ସାମନ୍ତରାୟ, ପିତା: ଭାଗୀରଥି ସାମନ୍ତରାୟ, ଗ୍ରା: ନିମାପଡ଼ା, ପୁରୀ	୧୬,୦୬୦.୫୦	୧୨.୨୦୦	୧୬,୨୦୦/-
୭୯	୪୫୬୭୮୯୦୧୨୩୯	ସୁଧାଂଶୁ ପ୍ରଧାନ, ପିତା: ବଳରାମ ପ୍ରଧାନ, ଗ୍ରା: ଚଉଳିଆ, ପୁରୀ	୧୬,୭୦୫.୪୮	୧୨.୦୦୦	୧୬.୨୦୦
୮୦	୪୫୬୭୮୯୦୧୨୪୦	ଦୀନବନ୍ଧୁ ବେହେରା, ପିତା: ହରିହର ବେହେରା, ଗ୍ରା: ବାଲୁଆ, ପୁରୀ	୧୬,୦୬୦.୫୦	୧୨.୨୦୦	୧୬,୨୦୦/-
୮୧	୪୫୬୭୮୯୦୧୨୪୧	ମାନସ ମୁଖାଞ୍ଜିଙ୍କ, ପିତା: ଗୋପାଳ ମୁଖାର୍ଜୀ, ଗ୍ରା: ନିମାପଡ଼ା, ପୁରୀ	୧୬,୪୧.୭୦୦	୧୨.୮୪୦୦	୧୬.୨୦୦
୮୨	୪୫୬୭୮୯୦୧୨୪୨	ଶାନ୍ତି ଦେବୀ, ସ୍ୱାମୀ: ରାମ ଦାସ, ଗ୍ରା: ଚଉଳିଆ, ପୁରୀ	୧୬,୦୬୦.୫୦	୧୨.୨୦୦	୧୬,୨୦୦/-
୮୩	୪୫୬୭୮୯୦୧୨୪୩	ଅମର ଜେନା, ପିତା: ବାସୁଦେବ ଜେନା, ଗ୍ରା: ନିମାପଡ଼ା, ପୁରୀ	୧୬,୦୬୦.୫୦	୧୨.୨୦୦	୧୬,୨୦୦/-
୮୪	୪୫୬୭୮୯୦୧୨୪୪	ଗଙ୍ଗାଧର ପାଣିଗ୍ରାହୀ, ପିତା: ରାମ ପାଣିଗ୍ରାହୀ, ଗ୍ରା: ଚଉଳିଆ, ପୁରୀ	୧୬,୦୬୦.୫୦	୧୨.୨୦୦	୧୬,୨୦୦/-
୮୫	୪୫୬୭୮୯୦୧୨୪୫	ଶ୍ରୀନିବାସ ରାଉତ, ପିତା: ନୀଳକଣ୍ଠ ରାଉତ, ଗ୍ରା: ବାଲୁଆ, ପୁରୀ	୧୬,୦୬୦.୫୦	୧୨.୨୦୦	୧୬,୨୦୦/-
୮୬	୪୫୬୭୮୯୦୧୨୪୬	ଅନିଲ ସ୍ୱାଇଁ, ପିତା: ଗୋପାଳ ସ୍ୱାଇଁ, ଗ୍ରା: ନିମାପଡ଼ା, ପୁରୀ	୧୬,୦୬୦.୫୦	୧୨.୨୦୦	୧୬,୨୦୦/-
୮୭	୪୫୬୭୮୯୦୧୨୪୭	କାହ୍ନୁ ଚରଣ ସାହୁ, ପିତା: ଜଗନ୍ନାଥ ସାହୁ, ଗ୍ରା: ଚଉଳିଆ, ପୁରୀ	୧୬,୦୬୦.୫୦	୧୨.୨୦୦	୧୬,୨୦୦/-
୮୮	୪୫୬୭୮୯୦୧୨୪୮	ପ୍ରକାଶ ଦାସ, ପିତା: ବଳରାମ ଦାସ, ଗ୍ରା: ନିମାପଡ଼ା, ପୁରୀ	୧୬,୦୬୦.୫୦	୧୨.୨୦୦	୧୬,୨୦୦/-
୮୯	୪୫୬୭୮୯୦୧୨୪୯	ସୁରେନ୍ଦ୍ର ମହାନ୍ତି, ପିତା: ହରି ମହାନ୍ତି, ଗ୍ରା: ବାଲୁଆ, ପୁରୀ	୧୬,୦୬୦.୫୦	୧୨.୨୦୦	୧୬,୨୦୦/-
୯୦	୪୫୬୭୮୯୦୧୨୫୦	ରାଜକିଶୋର ପାତ୍ର, ପିତା: ନାରାୟଣ ପାତ୍ର, ଗ୍ରା: ଚଉଳିଆ, ପୁରୀ	୧୬,୦୬୦.୫୦	୧୨.୨୦୦	୧୬,୨୦୦/-
୯୧	୪୫୬୭୮୯୦୧୨୫୧	ତ୍ରିଲୋଚନ ସାହୁ, ପିତା: ବାସୁଦେବ ସାହୁ, ଗ୍ରା: ନିମାପଡ଼ା, ପୁରୀ	୧୬,୦୬୦.୫୦	୧୨.୨୦୦	୧୬,୨୦୦/-
୯୨	୪୫୬୭୮୯୦୧୨୫୨	ହେମନ୍ତ ବେହେରା, ପିତା: ଜୟ ବେହେରା, ଗ୍ରା: ବାଲୁଆ, ପୁରୀ	୧୬,୦୬୦.୫୦	୧୨.୨୦୦	୧୬,୨୦୦/-
ଚୌରାସି ଶାଖା					
୧	୫୬୭୮୯୦୧୨୩୪୫	ରାଧାମୋହନ ସ୍ୱାଇଁ, ପିତା: ଗୋପାଳ ସ୍ୱାଇଁ, ଗ୍ରା: ଚୌରାସି, ପୁରୀ	୧୬,୦୬୦.୫୦	୧୨.୨୦୦	୧୬,୨୦୦/-
୨	୫୬୭୮୯୦୧୨୩୪୬	ଦିଲ୍ଲୀପ ଜେନା, ପିତା: ବଳରାମ ଜେନା, ଗ୍ରା: ଚୌରାସି, ପୁରୀ	୧୬,୨୨୬୦୦	୧୨.୨୦୦	୧୬,୨୦୦/-
୩	୫୬୭୮୯୦୧୨୩୪୭	ସୁଶାନ୍ତ ପ୍ରଧାନ, ପିତା: ହରି ପ୍ରଧାନ, ଗ୍ରା: ଚୌରାସି, ପୁରୀ	୧୬,୮୪୬.୦୭	୧୨.୨୦୦	୧୬,୨୦୦/-
୪	୫୬୭୮୯୦୧୨୩୪୮	ସୁଭାଷ ମହାପାତ୍ର, ପିତା: ରାମ ମହାପାତ୍ର, ଗ୍ରା: ଚୌରାସି, ପୁରୀ	୧୬,୮୯୬.୫୦	୧୨.୨୦୦	୧୬,୨୦୦/-
୫	୫୬୭୮୯୦୧୨୩୪୯	ବିଜୟ କୁମାର ଦାସ, ପିତା: ଗୋବିନ୍ଦ ଦାସ, ଗ୍ରା: ଚୌରାସି, ପୁରୀ	୧୬,୦୬୦.୫୦	୧୨.୨୦୦	୧୬,୨୦୦/-
୬	୫୬୭୮୯୦୧୨୩୫୦	ଅମୁଲ ନାୟକ, ପିତା: ନୀଳକଣ୍ଠ ନାୟକ, ଗ୍ରା: ଚୌରାସି, ପୁରୀ	୧୬,୦୬୦.୫୦	୧୨.୨୦୦	୧୬,୨୦୦/-
୭	୫୬୭୮୯୦୧୨୩୫୧	ପ୍ରଶାନ୍ତ ରାଉତ, ପିତା: ଜଗନ୍ନାଥ ରାଉତ, ଗ୍ରା: ଚୌରାସି, ପୁରୀ	୧୬,୭୮୯.୫୦	୧୨.୨୦୦	୧୬,୨୦୦/-
୮	୫୬୭୮୯୦୧୨୩୫୨	ସନାତନ ବେହେରା, ପିତା: ହରିହର ବେହେରା, ଗ୍ରା: ଚୌରାସି, ପୁରୀ	୧୬,୬୭୭.୭୪	୧୨.୪୦୦	୧୬,୨୦୦/-
୯	୫୬୭୮୯୦୧୨୩୫୩	ଚିତ୍ତରଞ୍ଜନ ମାଝୀ, ପିତା: ଭଗବାନ ମାଝୀ, ଗ୍ରା: ଚୌରାସି, ପୁରୀ	୧୬,୯୪୦.୦୮	୧୨.୨୦୦	୧୬,୨୦୦/-
୧୦	୫୬୭୮୯୦୧୨୩୫୪	ରାଜେନ୍ଦ୍ର ପାଢ଼ୀ, ପିତା: ଗୋପାଳ ପାଢ଼ୀ, ଗ୍ରା: ଚୌରାସି, ପୁରୀ	୧୬,୯୩୬.୦୨	୧୨.୨୦୦	୧୬,୨୦୦/-
୧୧	୫୬୭୮୯୦୧୨୩୫୫	ଜଗବନ୍ଧୁ ସାହୁ, ପିତା: ବାସୁଦେବ ସାହୁ, ଗ୍ରା: ଚୌରାସି, ପୁରୀ	୧୬,୦୬୦.୫୦	୧୨.୨୦୦	୧୬,୨୦୦/-
୧୨	୫୬୭୮୯୦୧୨୩୫୬	ଗୋପୀନାଥ ଦାସ, ପିତା: ରାମ ଦାସ, ଗ୍ରା: ଚୌରାସି, ପୁରୀ	୧୬,୦୬୦.୫୦	୧୨.୨୦୦	୧୬,୨୦୦/-
୧୩	୫୬୭୮୯୦୧୨୩୫୭	ଦେବେନ୍ଦ୍ର ପ୍ରଧାନ, ପିତା: ହରି ପ୍ରଧାନ, ଗ୍ରା: ଚୌରାସି, ପୁରୀ	୧୬,୦୬୦.୫୦	୧୨.୨୦୦	୧୬,୨୦୦/-
୭୪	୪୫୬୭୮୯୦୧୨୩୪	ଜଗନ୍ନାଥ ସ୍ୱାଇଁ, ପିତା: ରାମ ସ୍ୱାଇଁ, ଗ୍ରା: ଚଉଳିଆ, ପୋ: ବାଲିପଦା, ପୁରୀ	୧୬,୨୫୪୬	୧୬.୭୦୦	୧୬.୫୦୦
୭୫	୪୫୬୭୮୯୦୧୨୩୫	ନିରଞ୍ଜନ ଭୂୟାଁ, ପିତା: ମାଧବ ଭୂୟାଁ, ଗ୍ରା: ନିମାପଡ଼ା, ପୁରୀ	୧୬,୦୬୦.୫୦	୧୨.୨୦୦	୧୬,୨୦୦/-
୭୬	୪୫୬୭୮୯୦୧୨୩୬	ବିଶ୍ୱନାଥ ସାହୁ, ପିତା: ଜୟ ସାହୁ, ଗ୍ରା: ବାଲୁଆ, ପୁରୀ	୧୬,୬୨୦.୦୦	୧୬.୭୦୦	୧୬.୫୦୦
୭୭	୪୫୬୭୮୯୦୧୨୩୭	ମନୋଜ କୁମାର ନାୟକ, ପିତା: ଜଗନ୍ନାଥ ନାୟକ, ଗ୍ରା: ଚଉଳିଆ, ପୁରୀ	୧୬,୦୬୦.୫୦	୧୨.୨୦୦	୧୬,୨୦୦/-
୭୮	୪୫୬୭୮୯୦୧୨୩୮	ବିଭୁ ସାମନ୍ତରାୟ, ପିତା: ଭାଗୀରଥି ସାମନ୍ତରାୟ, ଗ୍ରା: ନିମାପଡ଼ା, ପୁରୀ	୧୬,୦୬୦.୫୦	୧୨.୨୦୦	୧୬,୨୦୦/-
୭୯	୪୫୬୭୮୯୦୧୨୩୯	ସୁଧାଂଶୁ ପ୍ରଧାନ, ପିତା: ବଳରାମ ପ୍ରଧାନ, ଗ୍ରା: ଚଉଳିଆ, ପୁରୀ	୧୬,୭୦୫.୪୮	୧୨.୦୦୦	୧୬.୨୦୦
୮୦	୪୫୬୭୮୯୦୧୨୪୦	ଦୀନବନ୍ଧୁ ବେହେରା, ପିତା: ହରିହର ବେହେରା, ଗ୍ରା: ବାଲୁଆ, ପୁରୀ	୧୬,୦୬୦.୫୦	୧୨.୨୦୦	୧୬,୨୦୦/-
୮୧	୪୫୬୭୮୯୦୧୨୪୧	ମାନସ ମୁଖାଞ୍ଜିଙ୍କ, ପିତା: ଗୋପାଳ ମୁଖାର୍ଜୀ, ଗ୍ରା: ନିମାପଡ଼ା, ପୁରୀ	୧୬,୪୧.୭୦୦	୧୨.୮୪୦୦	୧୬.୨୦୦
୮୨	୪୫୬୭୮୯୦୧୨୪୨	ଶାନ୍ତି ଦେବୀ, ସ୍ୱାମୀ: ରାମ ଦାସ, ଗ୍ରା: ଚଉଳିଆ, ପୁରୀ	୧୬,୦୬୦.୫୦	୧୨.୨୦୦	୧୬,୨୦୦/-
୮୩	୪୫୬୭୮୯୦୧୨୪୩	ଅମର ଜେନା, ପିତା: ବାସୁଦେବ ଜେନା, ଗ୍ରା: ନିମାପଡ଼ା, ପୁରୀ	୧୬,୦୬୦.୫୦	୧୨.୨୦୦	୧୬,୨୦୦/-
୮୪	୪୫୬୭୮୯୦୧୨୪୪	ଗଙ୍ଗାଧର ପାଣିଗ୍ରାହୀ, ପିତା: ରାମ ପାଣିଗ୍ରାହୀ, ଗ୍ରା: ଚଉଳିଆ, ପୁରୀ	୧୬,୦୬୦.୫୦	୧୨.୨୦୦	୧୬,୨୦୦/-
୮୫	୪୫୬୭୮୯୦୧୨୪୫	ଶ୍ରୀନିବାସ ରାଉତ, ପିତା: ନୀଳକଣ୍ଠ ରାଉତ, ଗ୍ରା: ବାଲୁଆ, ପୁରୀ	୧୬,୦୬୦.୫୦	୧୨.୨୦୦	୧୬,୨୦୦/-
୮୬	୪୫୬୭୮୯୦୧୨୪୬	ଅନିଲ ସ୍ୱାଇଁ, ପିତା: ଗୋପାଳ ସ୍ୱାଇଁ, ଗ୍ରା: ନିମାପଡ଼ା, ପୁରୀ	୧୬,୦୬୦.୫୦	୧୨.୨୦୦	୧୬,୨୦୦/-
୮୭	୪୫୬୭୮୯୦୧୨୪୭	କାହ୍ନୁ ଚରଣ ସାହୁ, ପିତା: ଜଗନ୍ନାଥ ସାହୁ, ଗ୍ରା: ଚଉଳିଆ, ପୁରୀ	୧୬,୦୬୦.୫୦	୧୨.୨୦୦	୧୬,୨୦୦/-
୮୮	୪୫୬୭୮୯୦୧୨୪୮	ପ୍ରକାଶ ଦାସ, ପିତା: ବଳରାମ ଦାସ, ଗ୍ରା: ନିମାପଡ଼ା, ପୁରୀ	୧୬,୦୬୦.୫୦	୧୨.୨୦୦	୧୬,୨୦୦/-
୮୯	୪୫୬୭୮୯୦୧୨୪୯	ସୁରେନ୍ଦ୍ର ମହାନ୍ତି, ପିତା: ହରି ମହାନ୍ତି, ଗ୍ରା: ବାଲୁଆ, ପୁରୀ	୧୬,୦୬୦.୫୦	୧୨.୨୦୦	୧୬,୨୦୦/-
୯୦	୪୫୬୭୮୯୦୧୨୫୦	ରାଜକିଶୋର ପାତ୍ର, ପିତା: ନାରାୟଣ ପାତ୍ର, ଗ୍ରା: ଚଉଳିଆ, ପୁରୀ	୧୬,୦୬୦.୫୦	୧୨.୨୦୦	୧୬,୨୦୦/-
୯୧	୪୫୬୭୮୯୦୧୨୫୧	ତ୍ରିଲୋଚନ ସାହୁ, ପିତା: ବାସୁଦେବ ସାହୁ, ଗ୍ରା: ନିମାପଡ଼ା, ପୁରୀ	୧୬,୦୬୦.୫୦	୧୨.୨୦୦	୧୬,୨୦୦/-
୯୨	୪୫୬୭୮୯୦୧୨୫୨	ହେମନ୍ତ ବେହେରା, ପିତା: ଜୟ ବେହେରା, ଗ୍ରା: ବାଲୁଆ, ପୁରୀ	୧୬,୦୬୦.୫୦	୧୨.୨୦୦	୧୬,୨୦୦/-
୭୪	୪୫୬୭୮୯୦୧୨୩୪	ଜଗନ୍ନାଥ ସ୍ୱାଇଁ, ପିତା: ରାମ ସ୍ୱାଇଁ, ଗ୍ରା: ଚଉଳିଆ, ପୋ: ବାଲିପଦା, ପୁରୀ	୧୬,୨୫୪୬	୧୬.୭୦୦	୧୬.୫୦୦
୭୫	୪୫୬୭୮୯୦୧୨୩୫	ନିରଞ୍ଜନ ଭୂୟାଁ, ପିତା: ମାଧବ ଭୂୟାଁ, ଗ୍ରା: ନିମାପଡ଼ା, ପୁରୀ	୧୬,୦୬୦.୫୦	୧୨.୨୦୦	୧୬,୨୦୦/-
୭୬	୪୫୬୭୮୯୦୧୨୩୬	ବିଶ୍ୱନାଥ ସାହୁ, ପିତା: ଜୟ ସାହୁ, ଗ୍ରା: ବାଲୁଆ, ପୁରୀ	୧୬,୬୨୦.୦୦	୧୬.୭୦୦	୧୬.୫୦୦
୭୭	୪୫୬୭୮୯୦୧୨୩୭	ମନୋଜ କୁମାର ନାୟକ, ପିତା: ଜଗନ୍ନାଥ ନାୟକ, ଗ୍ରା: ଚଉଳିଆ, ପୁରୀ	୧୬,୦୬୦.୫୦	୧୨.୨୦୦	୧୬,୨୦୦/-
୭୮	୪୫୬୭୮୯୦୧୨୩୮	ବିଭୁ ସାମନ୍ତରାୟ, ପିତା: ଭାଗୀରଥି ସାମନ୍ତରାୟ, ଗ୍ରା: ନିମାପଡ଼ା, ପୁରୀ	୧୬,୦୬୦.୫୦	୧୨.୨୦୦	୧୬,୨୦୦/-
୭୯	୪୫୬୭୮୯୦୧୨୩୯	ସୁଧାଂଶୁ ପ୍ରଧାନ, ପିତା: ବଳରାମ ପ୍ରଧାନ, ଗ୍ରା: ଚଉଳିଆ, ପୁରୀ	୧୬,୭୦୫.୪୮	୧୨.୦୦୦	୧୬.୨୦୦
୮୦	୪୫୬୭୮୯୦୧୨୪୦	ଦୀନବନ୍ଧୁ ବେହେରା, ପିତା: ହରିହର ବେହେରା, ଗ୍ରା: ବାଲୁଆ, ପୁରୀ	୧୬,୦୬୦.୫୦	୧୨.୨୦୦	୧୬,୨୦୦/-
୮୧	୪୫୬୭୮୯୦୧୨୪୧	ମାନସ ମୁଖାଞ୍ଜିଙ୍କ, ପିତା: ଗୋପାଳ ମୁଖାର୍ଜୀ, ଗ୍ରା: ନିମାପଡ଼ା, ପୁରୀ	୧୬,୪୧.୭୦୦	୧୨.୮୪୦୦	୧୬.୨୦୦
୮୨	୪୫୬୭୮୯୦୧୨୪୨	ଶାନ୍ତି ଦେବୀ, ସ୍ୱାମୀ: ରାମ ଦାସ, ଗ୍ରା: ଚଉଳିଆ, ପୁରୀ	୧୬,୦୬୦.୫୦	୧୨.୨୦୦	୧୬,୨୦୦/-
୮୩	୪୫୬୭୮୯୦୧୨୪୩	ଅମର ଜେନା, ପିତା: ବାସୁଦେବ ଜେନା, ଗ୍ରା: ନିମାପଡ଼ା, ପୁରୀ	୧୬,୦୬୦.୫୦	୧୨.୨୦୦	୧୬,୨୦୦/-
୮୪	୪୫୬୭୮୯୦୧୨୪୪	ଗଙ୍ଗାଧର ପାଣିଗ୍ରାହୀ, ପିତା: ରାମ ପାଣିଗ୍ରାହୀ, ଗ୍ରା: ଚଉଳିଆ, ପୁରୀ	୧୬,୦୬୦.୫୦	୧୨.୨୦୦	୧୬,୨୦୦/-
୮୫	୪୫୬୭୮୯୦୧୨୪୫	ଶ୍ରୀନିବାସ ରାଉତ, ପିତା: ନୀଳକଣ୍ଠ ରାଉତ, ଗ୍ରା: ବାଲୁଆ, ପୁରୀ	୧୬,୦୬୦.୫୦	୧୨.୨୦୦	୧୬,୨୦୦/-
୮୬	୪୫୬୭୮୯୦୧୨୪୬	ଅନିଲ ସ୍ୱାଇଁ, ପିତା: ଗୋପାଳ ସ୍ୱାଇଁ, ଗ୍ରା: ନିମାପଡ଼ା, ପୁରୀ	୧୬,୦୬୦.୫୦	୧୨.୨୦୦	୧୬,୨୦୦/-
୮୭	୪୫୬୭୮୯୦୧୨୪୭	କାହ୍ନୁ ଚରଣ ସାହୁ, ପିତା: ଜଗନ୍ନାଥ ସାହୁ, ଗ୍ରା: ଚଉଳିଆ, ପୁରୀ	୧୬,୦୬୦.୫୦	୧୨.୨୦୦	୧୬,୨୦୦/-
୮୮	୪୫୬୭୮୯୦୧୨୪୮	ପ୍ରକାଶ ଦାସ, ପିତା: ବଳରାମ ଦାସ, ଗ୍ରା: ନିମାପଡ଼ା, ପୁରୀ	୧୬,୦୬୦.୫୦	୧୨.୨୦୦	୧୬,୨୦୦/-
୮୯	୪୫୬୭୮୯୦୧୨୪୯	ସୁରେନ୍ଦ୍ର ମହାନ୍ତି, ପିତା: ହରି ମହାନ୍ତି, ଗ୍ରା: ବାଲୁଆ, ପୁରୀ	୧୬,୦୬୦.୫୦	୧୨.୨୦୦	୧୬,୨୦୦/-
୯୦	୪୫୬୭୮୯୦୧୨୫୦	ରାଜକିଶୋର ପାତ୍ର, ପିତା: ନାରାୟଣ ପାତ୍ର, ଗ୍ରା: ଚଉଳିଆ, ପୁରୀ	୧୬,୦୬୦.୫୦	୧୨.୨୦୦	୧୬,୨୦୦/-
୯୧	୪୫୬୭୮୯୦୧୨୫୧	ତ୍ରିଲୋଚନ ସାହୁ, ପିତା: ବାସୁଦେବ ସାହୁ, ଗ୍ରା: ନିମାପଡ଼ା, ପୁରୀ	୧୬,୦୬୦.୫୦	୧୨.୨୦୦	୧୬,୨୦୦/-
୯୨	୪୫୬୭୮୯୦୧୨୫୨	ହେମନ୍ତ ବେହେରା, ପିତା: ଜୟ ବେହେରା, ଗ୍ରା: ବାଲୁଆ, ପୁରୀ	୧୬,୦୬୦.୫୦	୧୨.୨୦୦	୧୬,୨୦୦/-
ସବିଶେଷ ପାଇଁ ଦେଖନ୍ତୁ......
